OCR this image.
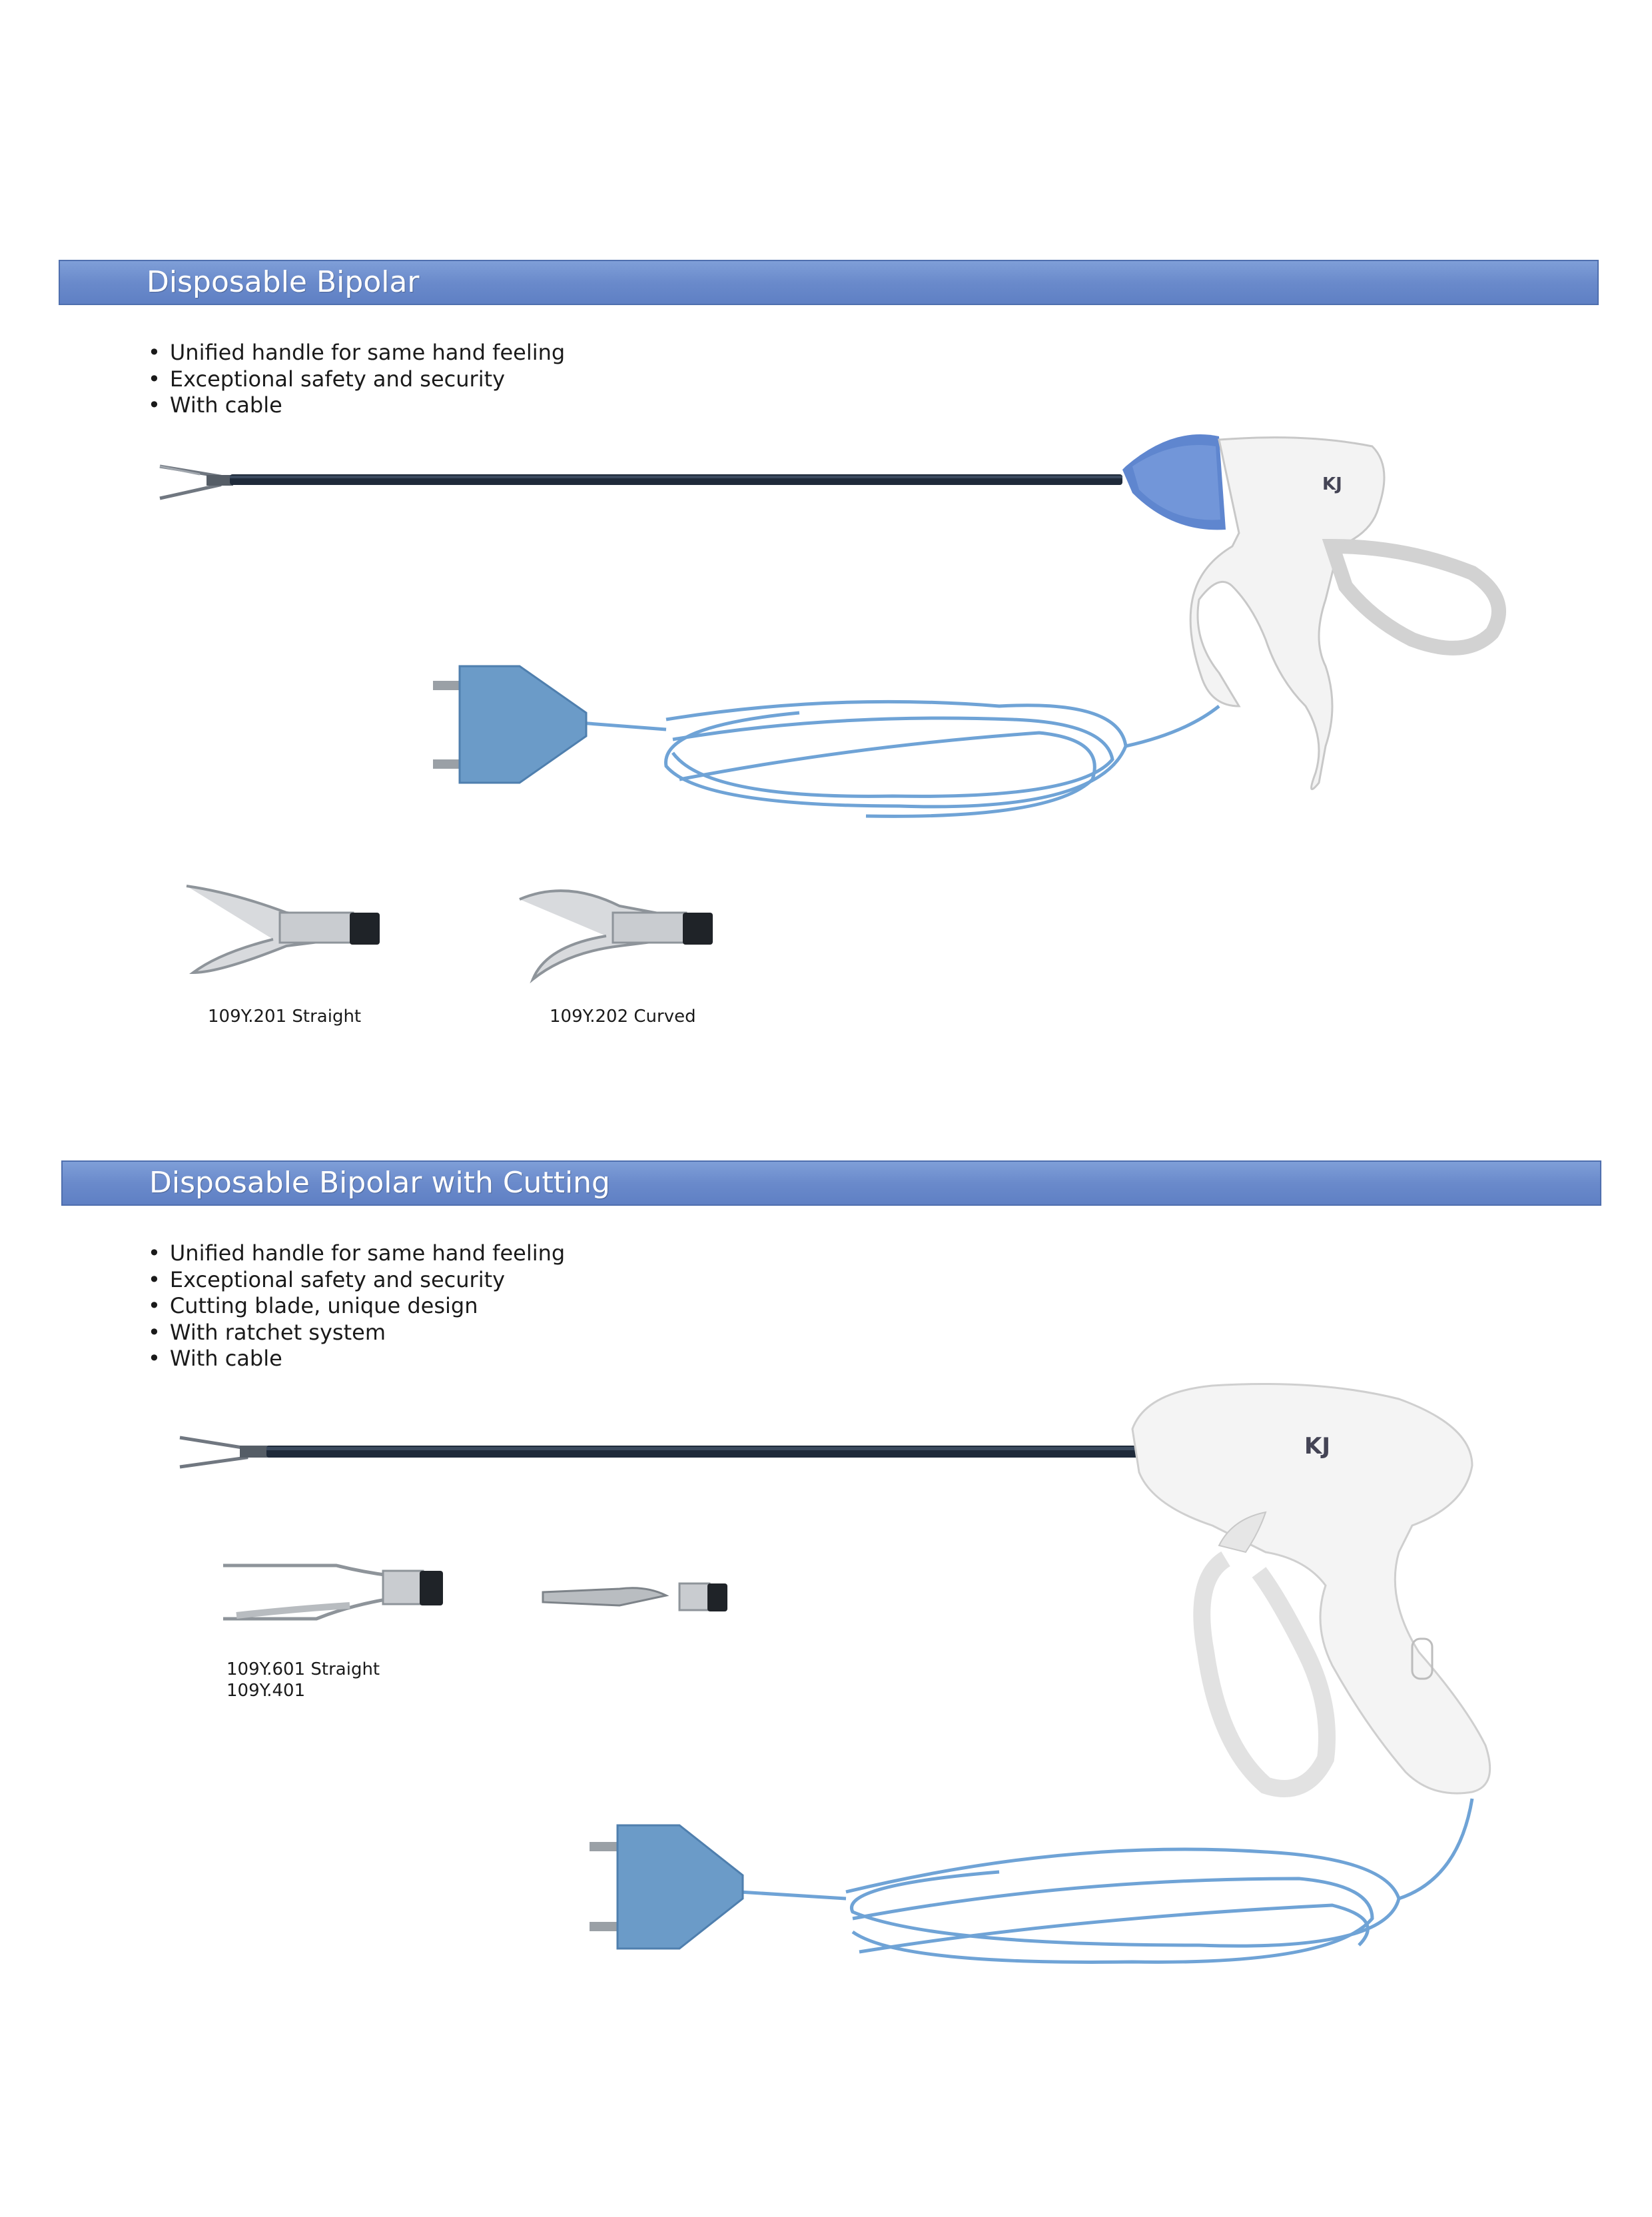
Disposable Bipolar
• Unified handle for same hand feeling
• Exceptional safety and security
• With cable
KJ

109Y.201 Straight	109Y.202 Curved

Disposable Bipolar with Cutting
• Unified handle for same hand feeling
• Exceptional safety and security
• Cutting blade, unique design
• With ratchet system
• With cable
KJ

109Y.601 Straight

109Y.401
